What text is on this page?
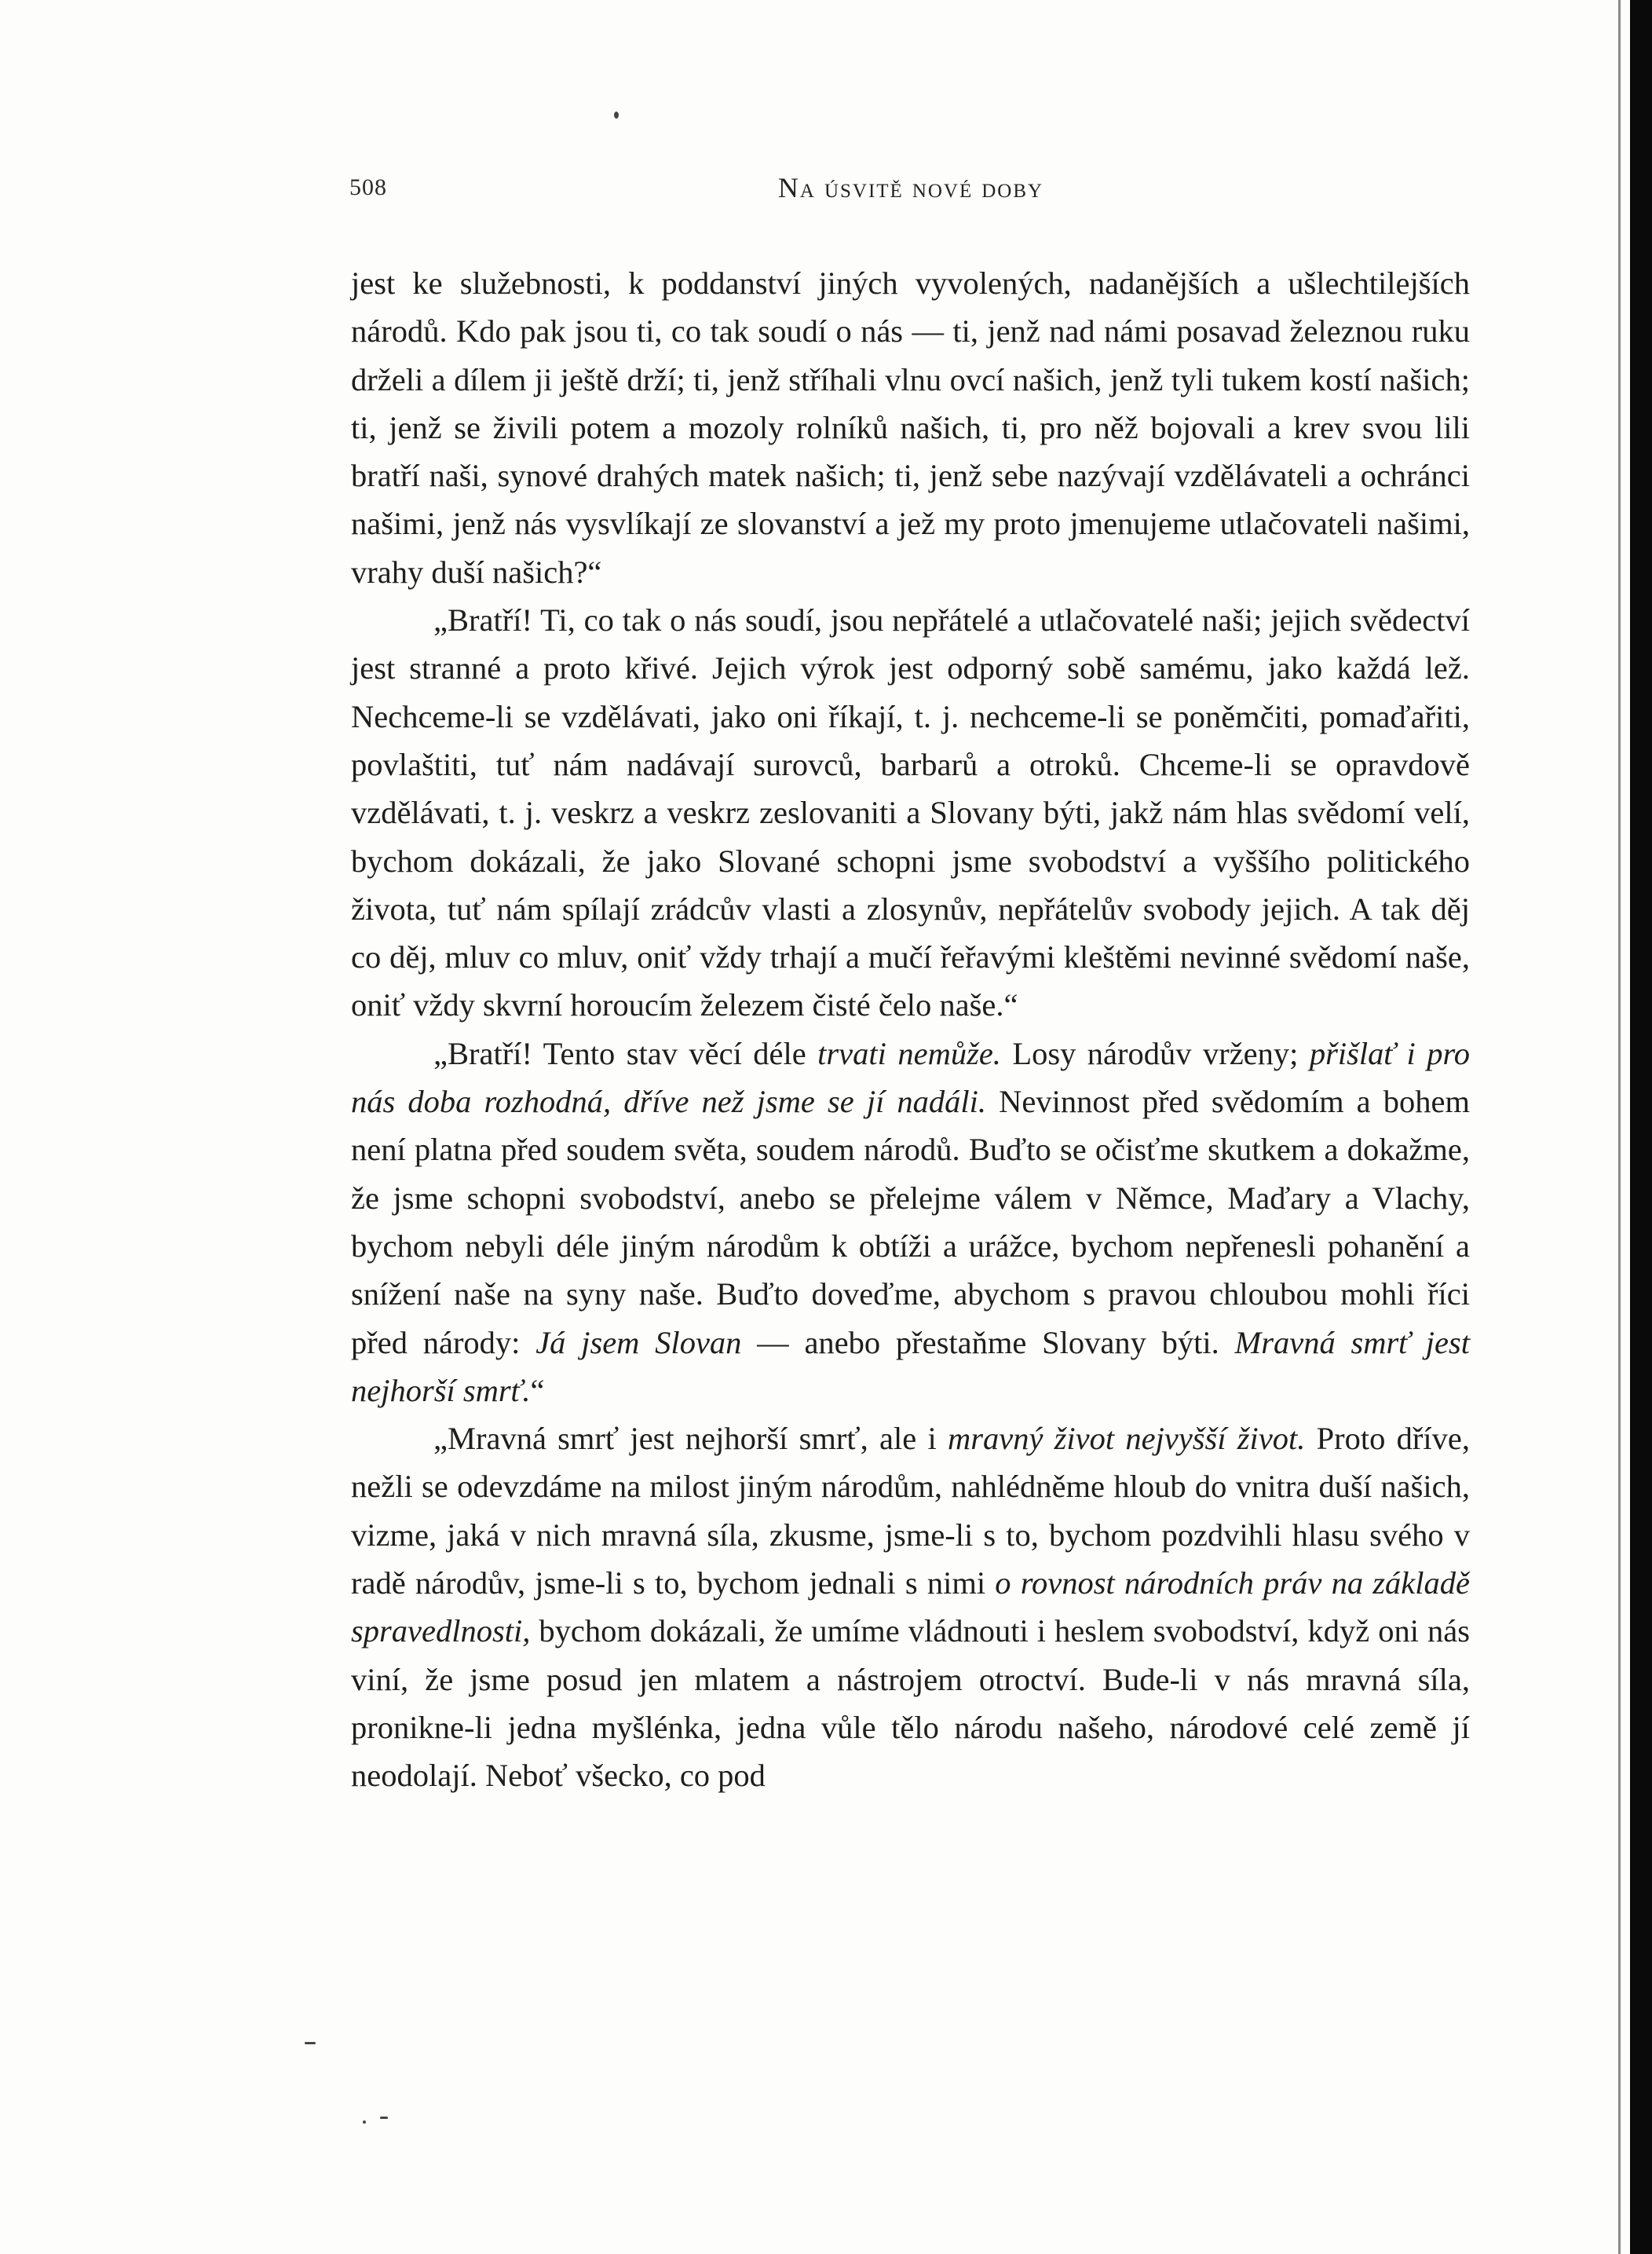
508	Na úsvitě nové doby

jest ke služebnosti, k poddanství jiných vyvolených, nadanějších a ušlechtilejších národů. Kdo pak jsou ti, co tak soudí o nás — ti, jenž nad námi posavad železnou ruku drželi a dílem ji ještě drží; ti, jenž stříhali vlnu ovcí našich, jenž tyli tukem kostí našich; ti, jenž se živili potem a mozoly rolníků našich, ti, pro něž bojovali a krev svou lili bratří naši, synové drahých matek našich; ti, jenž sebe nazývají vzdělávateli a ochránci našimi, jenž nás vysvlíkají ze slovanství a jež my proto jmenujeme utlačovateli našimi, vrahy duší našich?“

„Bratří! Ti, co tak o nás soudí, jsou nepřátelé a utlačovatelé naši; jejich svědectví jest stranné a proto křivé. Jejich výrok jest odporný sobě samému, jako každá lež. Nechceme-li se vzdělávati, jako oni říkají, t. j. nechceme-li se poněmčiti, pomaďařiti, povlaštiti, tuť nám nadávají surovců, barbarů a otroků. Chceme-li se opravdově vzdělávati, t. j. veskrz a veskrz zeslovaniti a Slovany býti, jakž nám hlas svědomí velí, bychom dokázali, že jako Slované schopni jsme svobodství a vyššího politického života, tuť nám spílají zrádcův vlasti a zlosynův, nepřátelův svobody jejich. A tak děj co děj, mluv co mluv, oniť vždy trhají a mučí řeřavými kleštěmi nevinné svědomí naše, oniť vždy skvrní horoucím železem čisté čelo naše.“

„Bratří! Tento stav věcí déle trvati nemůže. Losy národův vrženy; přišlať i pro nás doba rozhodná, dříve než jsme se jí nadáli. Nevinnost před svědomím a bohem není platna před soudem světa, soudem národů. Buďto se očisťme skutkem a dokažme, že jsme schopni svobodství, anebo se přelejme válem v Němce, Maďary a Vlachy, bychom nebyli déle jiným národům k obtíži a urážce, bychom nepřenesli pohanění a snížení naše na syny naše. Buďto doveďme, abychom s pravou chloubou mohli říci před národy: Já jsem Slovan — anebo přestaňme Slovany býti. Mravná smrť jest nejhorší smrť.“

„Mravná smrť jest nejhorší smrť, ale i mravný život nejvyšší život. Proto dříve, nežli se odevzdáme na milost jiným národům, nahlédněme hloub do vnitra duší našich, vizme, jaká v nich mravná síla, zkusme, jsme-li s to, bychom pozdvihli hlasu svého v radě národův, jsme-li s to, bychom jednali s nimi o rovnost národních práv na základě spravedlnosti, bychom dokázali, že umíme vládnouti i heslem svobodství, když oni nás viní, že jsme posud jen mlatem a nástrojem otroctví. Bude-li v nás mravná síla, pronikne-li jedna myšlénka, jedna vůle tělo národu našeho, národové celé země jí neodolají. Neboť všecko, co pod
